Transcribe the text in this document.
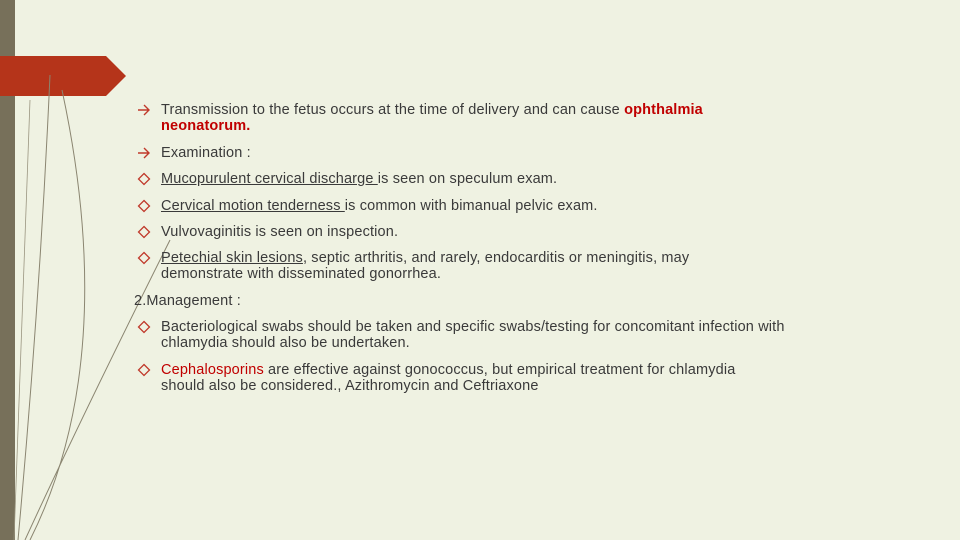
Transmission to the fetus occurs at the time of delivery and can cause ophthalmia
neonatorum.
Examination :
Mucopurulent cervical discharge is seen on speculum exam.
Cervical motion tenderness is common with bimanual pelvic exam.
Vulvovaginitis is seen on inspection.
Petechial skin lesions, septic arthritis, and rarely, endocarditis or meningitis, may
demonstrate with disseminated gonorrhea.
2.Management :
Bacteriological swabs should be taken and specific swabs/testing for concomitant infection with
chlamydia should also be undertaken.
Cephalosporins are effective against gonococcus, but empirical treatment for chlamydia
should also be considered., Azithromycin and Ceftriaxone
